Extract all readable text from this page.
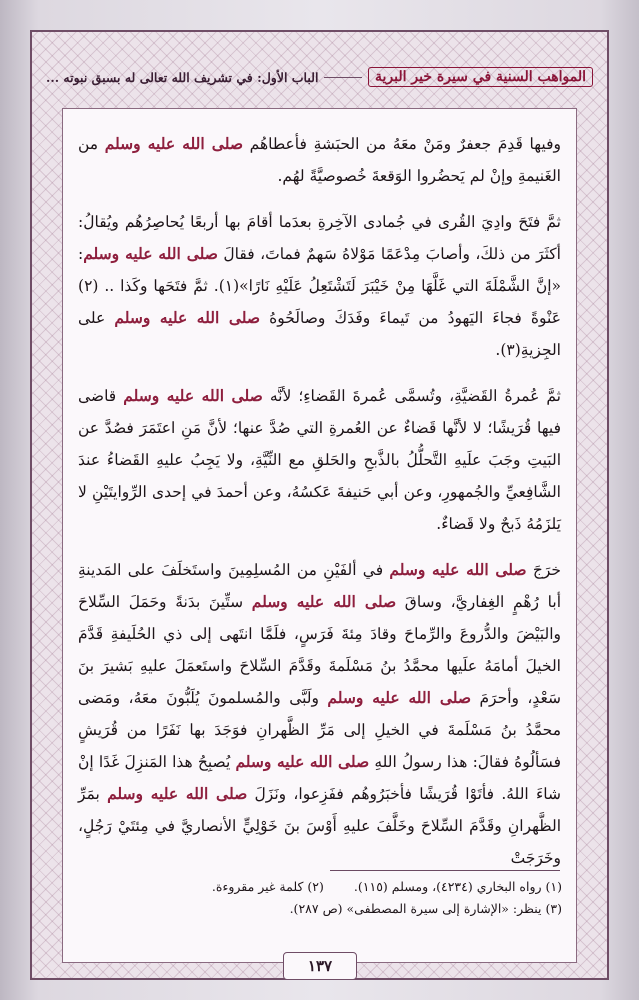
المواهب السنية في سيرة خير البرية
الباب الأول: في تشريف الله تعالى له بسبق نبوته ...

وفيها قَدِمَ جعفرٌ ومَنْ معَهُ من الحبَشةِ فأعطاهُم صلى الله عليه وسلم من الغَنيمةِ وإنْ لم يَحضُروا الوَقعةَ خُصوصيَّةً لهُم.

ثمَّ فتَحَ وادِيَ القُرى في جُمادى الآخِرةِ بعدَما أقامَ بها أربعًا يُحاصِرُهُم ويُقالُ: أكثَرَ من ذلكَ، وأصابَ مِدْعَمًا مَوْلاهُ سَهمٌ فماتَ، فقالَ صلى الله عليه وسلم: «إنَّ الشَّمْلَةَ التي غَلَّهَا مِنْ خَيْبَرَ لَتَشْتَعِلُ عَلَيْهِ نَارًا»(١). ثمَّ فتَحَها وكَذا .. (٢) عَنْوةً فجاءَ اليَهودُ من تَيماءَ وفَدَكَ وصالَحُوهُ صلى الله عليه وسلم على الجِزيةِ(٣).

ثمَّ عُمرةُ القَضيَّةِ، وتُسمَّى عُمرةَ القَضاءِ؛ لأنَّه صلى الله عليه وسلم قاضى فيها قُرَيشًا؛ لا لأنَّها قَضاءٌ عن العُمرةِ التي صُدَّ عنها؛ لأنَّ مَنِ اعتَمَرَ فصُدَّ عن البَيتِ وجَبَ علَيهِ التَّحلُّلُ بالذَّبحِ والحَلقِ مع النِّيَّةِ، ولا يَجِبُ عليهِ القَضاءُ عندَ الشَّافِعيِّ والجُمهورِ، وعن أبي حَنيفةَ عَكسُهُ، وعن أحمدَ في إحدى الرِّوايتَيْنِ لا يَلزَمُهُ ذَبحٌ ولا قَضاءٌ.

خرَجَ صلى الله عليه وسلم في ألفَيْنِ من المُسلِمِينَ واستَخلَفَ على المَدينةِ أبا رُهْمٍ الغِفاريَّ، وساقَ صلى الله عليه وسلم ستِّينَ بدَنةً وحَمَلَ السِّلاحَ والبَيْضَ والدُّروعَ والرِّماحَ وقادَ مِئةَ فَرَسٍ، فلَمَّا انتَهى إلى ذي الحُلَيفةِ قَدَّمَ الخيلَ أمامَهُ علَيها محمَّدُ بنُ مَسْلَمةَ وقَدَّمَ السِّلاحَ واستَعمَلَ عليهِ بَشيرَ بنَ سَعْدٍ، وأحرَمَ صلى الله عليه وسلم ولَبَّى والمُسلمونَ يُلَبُّونَ معَهُ، ومَضى محمَّدُ بنُ مَسْلَمةَ في الخيلِ إلى مَرِّ الظَّهرانِ فوَجَدَ بها نَفَرًا من قُرَيشٍ فسَألُوهُ فقالَ: هذا رسولُ اللهِ صلى الله عليه وسلم يُصبِحُ هذا المَنزِلَ غَدًا إنْ شاءَ اللهُ. فأتَوْا قُرَيشًا فأخبَرُوهُم ففَزِعوا، ونَزَلَ صلى الله عليه وسلم بمَرِّ الظَّهرانِ وقَدَّمَ السِّلاحَ وخَلَّفَ عليهِ أَوْسَ بنَ خَوْلِيٍّ الأنصاريَّ في مِئتَيْ رَجُلٍ، وخَرَجَتْ

(١) رواه البخاري (٤٢٣٤)، ومسلم (١١٥).(٢) كلمة غير مقروءة.
(٣) ينظر: «الإشارة إلى سيرة المصطفى» (ص ٢٨٧).
١٣٧
